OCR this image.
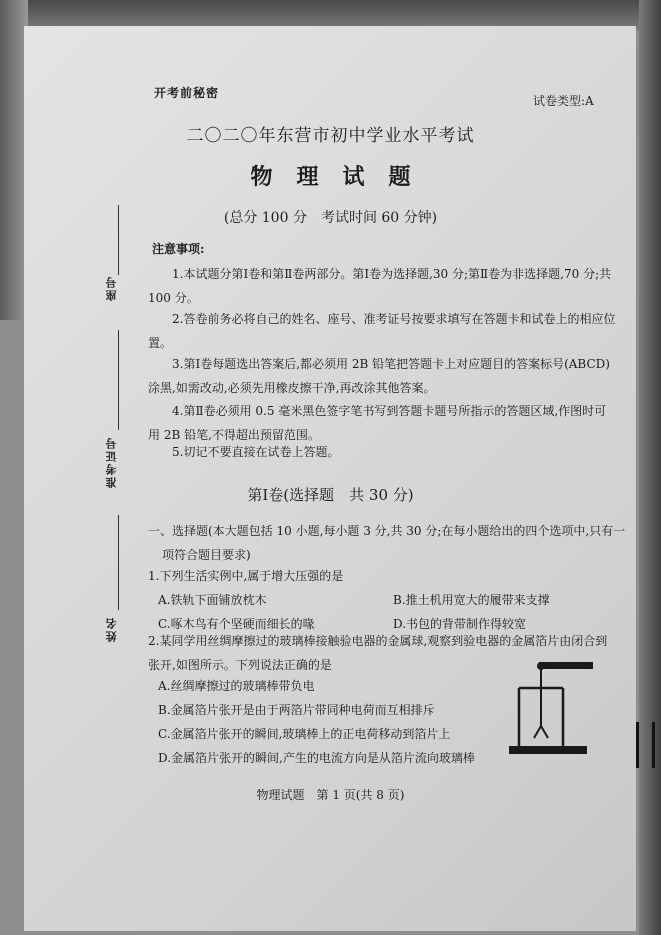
开考前秘密
试卷类型:A
二〇二〇年东营市初中学业水平考试
物理试题
(总分 100 分　考试时间 60 分钟)
座号
准考证号
姓名
注意事项:
1.本试题分第Ⅰ卷和第Ⅱ卷两部分。第Ⅰ卷为选择题,30 分;第Ⅱ卷为非选择题,70 分;共 100 分。
2.答卷前务必将自己的姓名、座号、准考证号按要求填写在答题卡和试卷上的相应位置。
3.第Ⅰ卷每题选出答案后,都必须用 2B 铅笔把答题卡上对应题目的答案标号(ABCD)涂黑,如需改动,必须先用橡皮擦干净,再改涂其他答案。
4.第Ⅱ卷必须用 0.5 毫米黑色签字笔书写到答题卡题号所指示的答题区域,作图时可用 2B 铅笔,不得超出预留范围。
5.切记不要直接在试卷上答题。
第Ⅰ卷(选择题　共 30 分)
一、选择题(本大题包括 10 小题,每小题 3 分,共 30 分;在每小题给出的四个选项中,只有一
项符合题目要求)
1.下列生活实例中,属于增大压强的是
A.铁轨下面铺放枕木	B.推土机用宽大的履带来支撑
C.啄木鸟有个坚硬而细长的喙	D.书包的背带制作得较宽
2.某同学用丝绸摩擦过的玻璃棒接触验电器的金属球,观察到验电器的金属箔片由闭合到张开,如图所示。下列说法正确的是
A.丝绸摩擦过的玻璃棒带负电
B.金属箔片张开是由于两箔片带同种电荷而互相排斥
C.金属箔片张开的瞬间,玻璃棒上的正电荷移动到箔片上
D.金属箔片张开的瞬间,产生的电流方向是从箔片流向玻璃棒
物理试题　第 1 页(共 8 页)
